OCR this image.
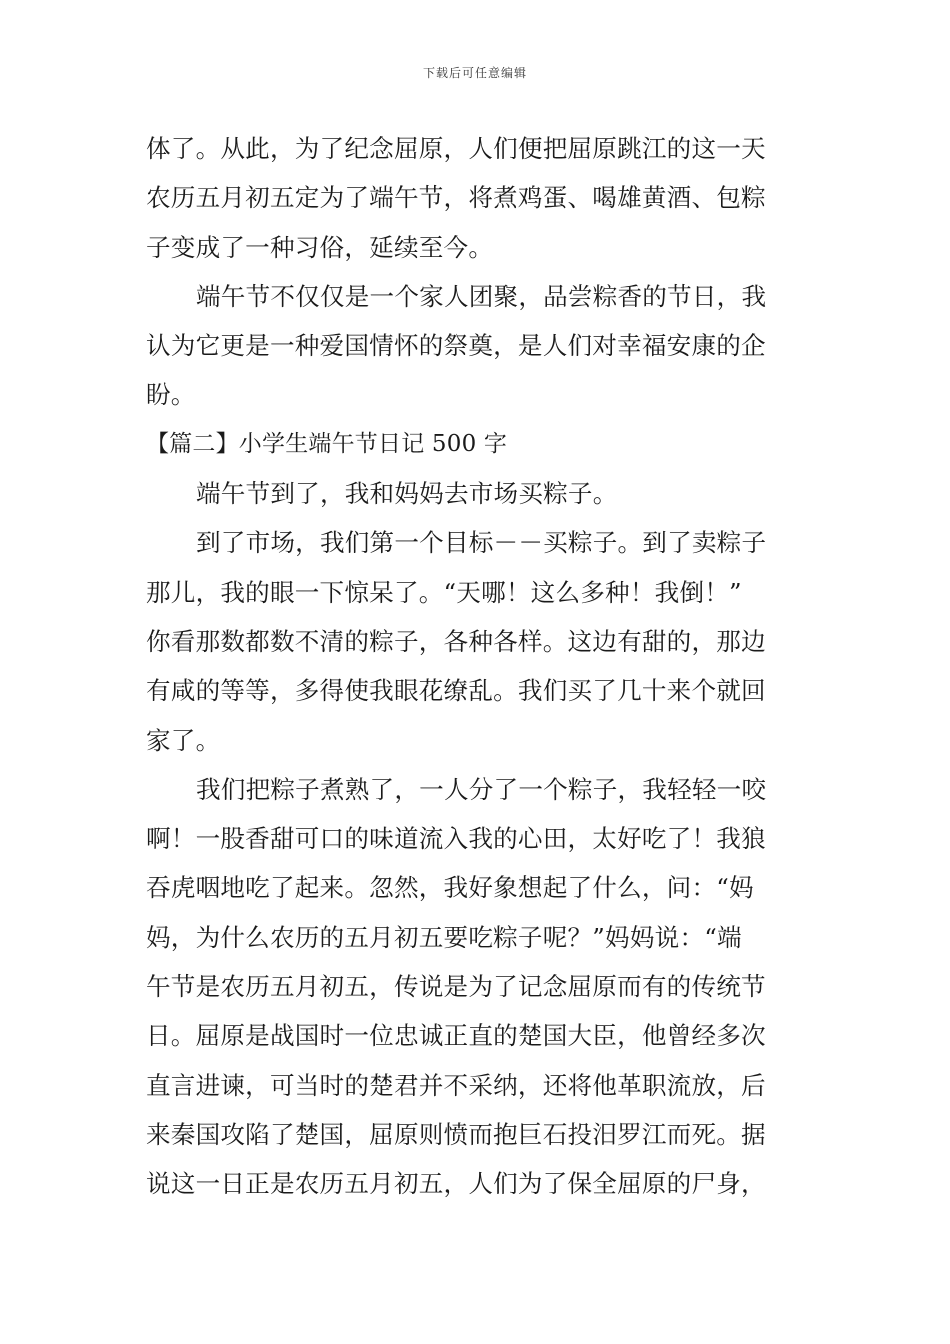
下载后可任意编辑
体了。从此，为了纪念屈原，人们便把屈原跳江的这一天
农历五月初五定为了端午节，将煮鸡蛋、喝雄黄酒、包粽
子变成了一种习俗，延续至今。
端午节不仅仅是一个家人团聚，品尝粽香的节日，我
认为它更是一种爱国情怀的祭奠，是人们对幸福安康的企
盼。
【篇二】小学生端午节日记 500 字
端午节到了，我和妈妈去市场买粽子。
到了市场，我们第一个目标－－买粽子。到了卖粽子
那儿，我的眼一下惊呆了。“天哪！这么多种！我倒！”
你看那数都数不清的粽子，各种各样。这边有甜的，那边
有咸的等等，多得使我眼花缭乱。我们买了几十来个就回
家了。
我们把粽子煮熟了，一人分了一个粽子，我轻轻一咬
啊！一股香甜可口的味道流入我的心田，太好吃了！我狼
吞虎咽地吃了起来。忽然，我好象想起了什么，问：“妈
妈，为什么农历的五月初五要吃粽子呢？”妈妈说：“端
午节是农历五月初五，传说是为了记念屈原而有的传统节
日。屈原是战国时一位忠诚正直的楚国大臣，他曾经多次
直言进谏，可当时的楚君并不采纳，还将他革职流放，后
来秦国攻陷了楚国，屈原则愤而抱巨石投汨罗江而死。据
说这一日正是农历五月初五，人们为了保全屈原的尸身，
